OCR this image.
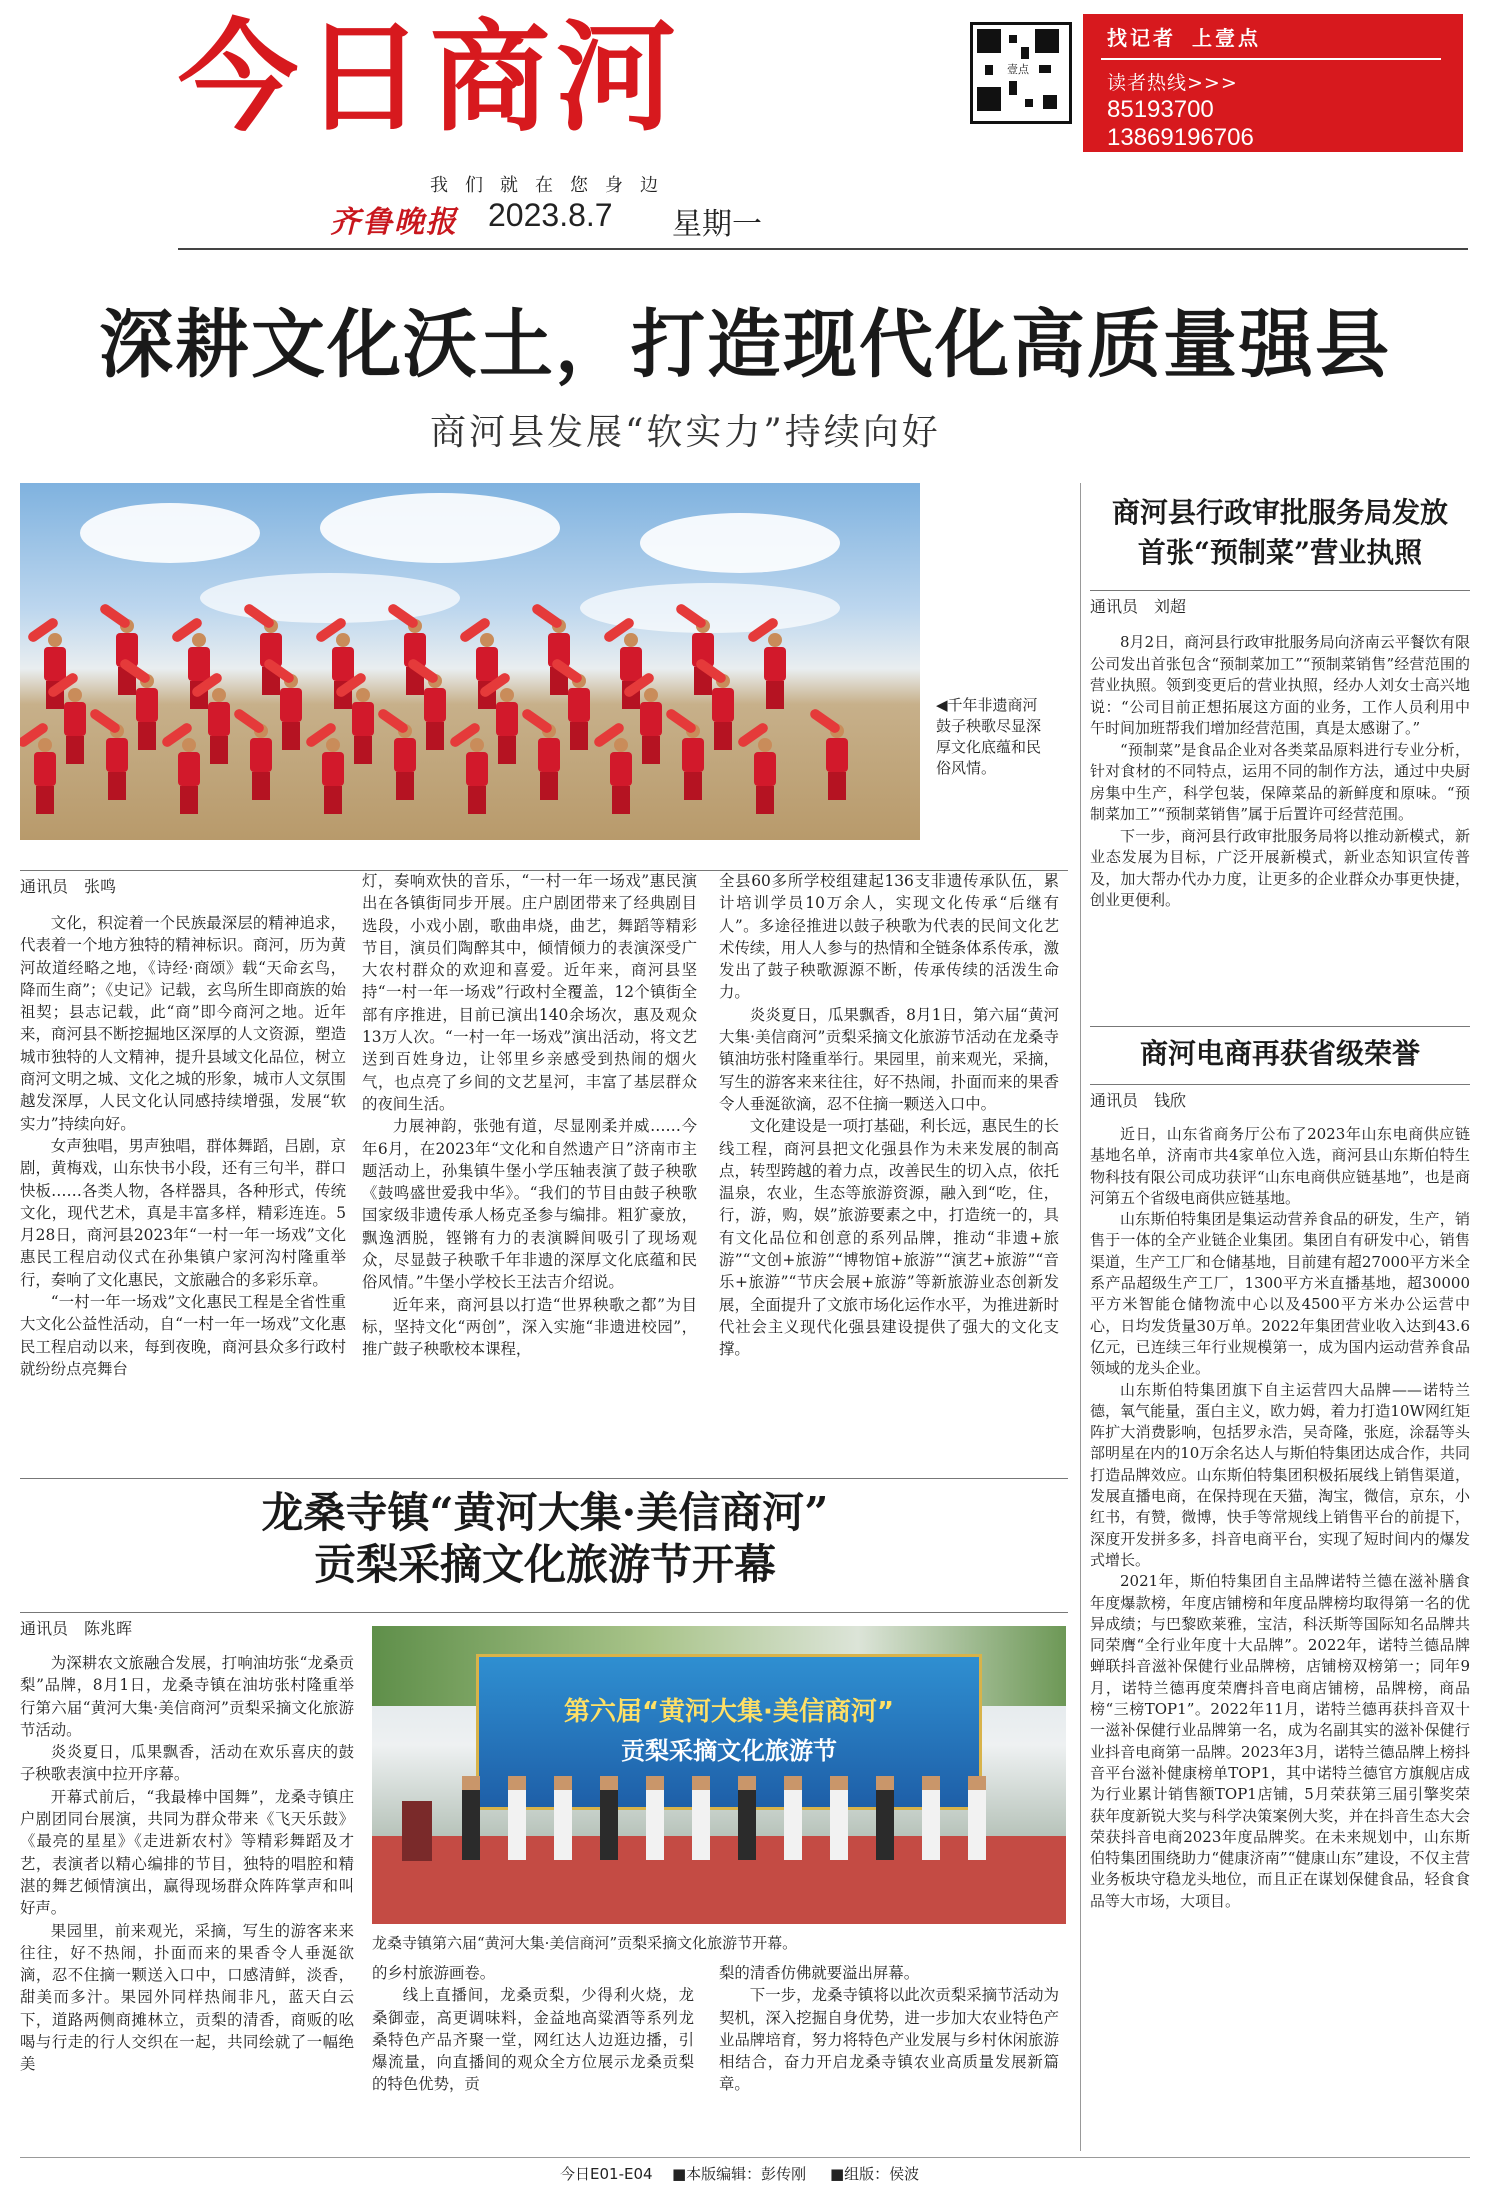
今日商河
我们就在您身边
齐鲁晚报 2023.8.7 星期一
壹点
找记者 上壹点
读者热线>>>
85193700
13869196706
深耕文化沃土，打造现代化高质量强县
商河县发展“软实力”持续向好
◀千年非遗商河鼓子秧歌尽显深厚文化底蕴和民俗风情。
通讯员　张鸣

文化，积淀着一个民族最深层的精神追求，代表着一个地方独特的精神标识。商河，历为黄河故道经略之地，《诗经·商颂》载“天命玄鸟，降而生商”；《史记》记载，玄鸟所生即商族的始祖契；县志记载，此“商”即今商河之地。近年来，商河县不断挖掘地区深厚的人文资源，塑造城市独特的人文精神，提升县域文化品位，树立商河文明之城、文化之城的形象，城市人文氛围越发深厚，人民文化认同感持续增强，发展“软实力”持续向好。

女声独唱，男声独唱，群体舞蹈，吕剧，京剧，黄梅戏，山东快书小段，还有三句半，群口快板……各类人物，各样器具，各种形式，传统文化，现代艺术，真是丰富多样，精彩连连。5月28日，商河县2023年“一村一年一场戏”文化惠民工程启动仪式在孙集镇户家河沟村隆重举行，奏响了文化惠民，文旅融合的多彩乐章。

“一村一年一场戏”文化惠民工程是全省性重大文化公益性活动，自“一村一年一场戏”文化惠民工程启动以来，每到夜晚，商河县众多行政村就纷纷点亮舞台

灯，奏响欢快的音乐，“一村一年一场戏”惠民演出在各镇街同步开展。庄户剧团带来了经典剧目选段，小戏小剧，歌曲串烧，曲艺，舞蹈等精彩节目，演员们陶醉其中，倾情倾力的表演深受广大农村群众的欢迎和喜爱。近年来，商河县坚持“一村一年一场戏”行政村全覆盖，12个镇街全部有序推进，目前已演出140余场次，惠及观众13万人次。“一村一年一场戏”演出活动，将文艺送到百姓身边，让邻里乡亲感受到热闹的烟火气，也点亮了乡间的文艺星河，丰富了基层群众的夜间生活。

力展神韵，张弛有道，尽显刚柔并威……今年6月，在2023年“文化和自然遗产日”济南市主题活动上，孙集镇牛堡小学压轴表演了鼓子秧歌《鼓鸣盛世爱我中华》。“我们的节目由鼓子秧歌国家级非遗传承人杨克圣参与编排。粗犷豪放，飘逸洒脱，铿锵有力的表演瞬间吸引了现场观众，尽显鼓子秧歌千年非遗的深厚文化底蕴和民俗风情。”牛堡小学校长王法吉介绍说。

近年来，商河县以打造“世界秧歌之都”为目标，坚持文化“两创”，深入实施“非遗进校园”，推广鼓子秧歌校本课程，

全县60多所学校组建起136支非遗传承队伍，累计培训学员10万余人，实现文化传承“后继有人”。多途径推进以鼓子秧歌为代表的民间文化艺术传续，用人人参与的热情和全链条体系传承，激发出了鼓子秧歌源源不断，传承传续的活泼生命力。

炎炎夏日，瓜果飘香，8月1日，第六届“黄河大集·美信商河”贡梨采摘文化旅游节活动在龙桑寺镇油坊张村隆重举行。果园里，前来观光，采摘，写生的游客来来往往，好不热闹，扑面而来的果香令人垂涎欲滴，忍不住摘一颗送入口中。

文化建设是一项打基础，利长远，惠民生的长线工程，商河县把文化强县作为未来发展的制高点，转型跨越的着力点，改善民生的切入点，依托温泉，农业，生态等旅游资源，融入到“吃，住，行，游，购，娱”旅游要素之中，打造统一的，具有文化品位和创意的系列品牌，推动“非遗+旅游”“文创+旅游”“博物馆+旅游”“演艺+旅游”“音乐+旅游”“节庆会展+旅游”等新旅游业态创新发展，全面提升了文旅市场化运作水平，为推进新时代社会主义现代化强县建设提供了强大的文化支撑。

商河县行政审批服务局发放
首张“预制菜”营业执照
通讯员　刘超

8月2日，商河县行政审批服务局向济南云平餐饮有限公司发出首张包含“预制菜加工”“预制菜销售”经营范围的营业执照。领到变更后的营业执照，经办人刘女士高兴地说：“公司目前正想拓展这方面的业务，工作人员利用中午时间加班帮我们增加经营范围，真是太感谢了。”

“预制菜”是食品企业对各类菜品原料进行专业分析，针对食材的不同特点，运用不同的制作方法，通过中央厨房集中生产，科学包装，保障菜品的新鲜度和原味。“预制菜加工”“预制菜销售”属于后置许可经营范围。

下一步，商河县行政审批服务局将以推动新模式，新业态发展为目标，广泛开展新模式，新业态知识宣传普及，加大帮办代办力度，让更多的企业群众办事更快捷，创业更便利。

商河电商再获省级荣誉
通讯员　钱欣

近日，山东省商务厅公布了2023年山东电商供应链基地名单，济南市共4家单位入选，商河县山东斯伯特生物科技有限公司成功获评“山东电商供应链基地”，也是商河第五个省级电商供应链基地。

山东斯伯特集团是集运动营养食品的研发，生产，销售于一体的全产业链企业集团。集团自有研发中心，销售渠道，生产工厂和仓储基地，目前建有超27000平方米全系产品超级生产工厂，1300平方米直播基地，超30000平方米智能仓储物流中心以及4500平方米办公运营中心，日均发货量30万单。2022年集团营业收入达到43.6亿元，已连续三年行业规模第一，成为国内运动营养食品领域的龙头企业。

山东斯伯特集团旗下自主运营四大品牌——诺特兰德，氧气能量，蛋白主义，欧力姆，着力打造10W网红矩阵扩大消费影响，包括罗永浩，吴奇隆，张庭，涂磊等头部明星在内的10万余名达人与斯伯特集团达成合作，共同打造品牌效应。山东斯伯特集团积极拓展线上销售渠道，发展直播电商，在保持现在天猫，淘宝，微信，京东，小红书，有赞，微博，快手等常规线上销售平台的前提下，深度开发拼多多，抖音电商平台，实现了短时间内的爆发式增长。

2021年，斯伯特集团自主品牌诺特兰德在滋补膳食年度爆款榜，年度店铺榜和年度品牌榜均取得第一名的优异成绩；与巴黎欧莱雅，宝洁，科沃斯等国际知名品牌共同荣膺“全行业年度十大品牌”。2022年，诺特兰德品牌蝉联抖音滋补保健行业品牌榜，店铺榜双榜第一；同年9月，诺特兰德再度荣膺抖音电商店铺榜，品牌榜，商品榜“三榜TOP1”。2022年11月，诺特兰德再获抖音双十一滋补保健行业品牌第一名，成为名副其实的滋补保健行业抖音电商第一品牌。2023年3月，诺特兰德品牌上榜抖音平台滋补健康榜单TOP1，其中诺特兰德官方旗舰店成为行业累计销售额TOP1店铺，5月荣获第三届引擎奖荣获年度新锐大奖与科学决策案例大奖，并在抖音生态大会荣获抖音电商2023年度品牌奖。在未来规划中，山东斯伯特集团围绕助力“健康济南”“健康山东”建设，不仅主营业务板块守稳龙头地位，而且正在谋划保健食品，轻食食品等大市场，大项目。

龙桑寺镇“黄河大集·美信商河”
贡梨采摘文化旅游节开幕
通讯员　陈兆晖

为深耕农文旅融合发展，打响油坊张“龙桑贡梨”品牌，8月1日，龙桑寺镇在油坊张村隆重举行第六届“黄河大集·美信商河”贡梨采摘文化旅游节活动。

炎炎夏日，瓜果飘香，活动在欢乐喜庆的鼓子秧歌表演中拉开序幕。

开幕式前后，“我最棒中国舞”，龙桑寺镇庄户剧团同台展演，共同为群众带来《飞天乐鼓》《最亮的星星》《走进新农村》等精彩舞蹈及才艺，表演者以精心编排的节目，独特的唱腔和精湛的舞艺倾情演出，赢得现场群众阵阵掌声和叫好声。

果园里，前来观光，采摘，写生的游客来来往往，好不热闹，扑面而来的果香令人垂涎欲滴，忍不住摘一颗送入口中，口感清鲜，淡香，甜美而多汁。果园外同样热闹非凡，蓝天白云下，道路两侧商摊林立，贡梨的清香，商贩的吆喝与行走的行人交织在一起，共同绘就了一幅绝美

第六届“黄河大集·美信商河”
贡梨采摘文化旅游节
龙桑寺镇第六届“黄河大集·美信商河”贡梨采摘文化旅游节开幕。

的乡村旅游画卷。

线上直播间，龙桑贡梨，少得利火烧，龙桑御壶，高更调味料，金益地高粱酒等系列龙桑特色产品齐聚一堂，网红达人边逛边播，引爆流量，向直播间的观众全方位展示龙桑贡梨的特色优势，贡

梨的清香仿佛就要溢出屏幕。

下一步，龙桑寺镇将以此次贡梨采摘节活动为契机，深入挖掘自身优势，进一步加大农业特色产业品牌培育，努力将特色产业发展与乡村休闲旅游相结合，奋力开启龙桑寺镇农业高质量发展新篇章。

今日E01-E04 ■本版编辑：彭传刚 ■组版：侯波
